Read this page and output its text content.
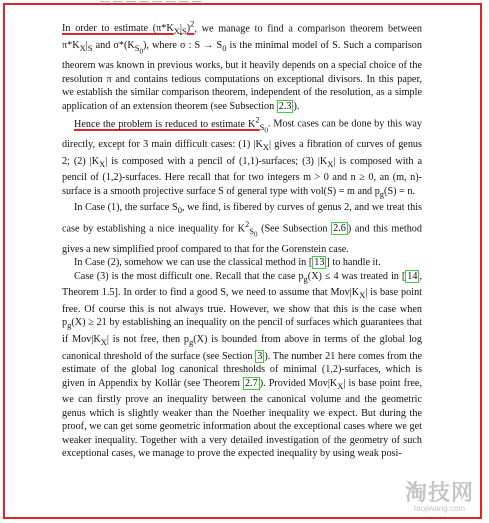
— — — — — — — —

In order to estimate $(\pi*K_X|_S)^2$, we manage to find a comparison theorem between $\pi*K_X|_S$ and $\sigma*(K_{S_0})$, where σ : $S \to S_0$ is the minimal model of S. Such a comparison theorem was known in previous works, but it heavily depends on a special choice of the resolution π and contains tedious computations on exceptional divisors. In this paper, we establish the similar comparison theorem, independent of the resolution, as a simple application of an extension theorem (see Subsection 2.3 ).

Hence the problem is reduced to estimate $K^2_{S_0}$. Most cases can be done by this way directly, except for 3 main difficult cases: (1) $|K_X|$ gives a fibration of curves of genus 2; (2) $|K_X|$ is composed with a pencil of (1,1)-surfaces; (3) $|K_X|$ is composed with a pencil of (1,2)-surfaces. Here recall that for two integers m > 0 and n ≥ 0, an (m, n)-surface is a smooth projective surface S of general type with vol(S) = m and $p_g(S) = n$.

In Case (1), the surface $S_0$, we find, is fibered by curves of genus 2, and we treat this case by establishing a nice inequality for $K^2_{S_0}$ (See Subsection 2.6 ) and this method gives a new simplified proof compared to that for the Gorenstein case.

In Case (2), somehow we can use the classical method in [ 13 ] to handle it.

Case (3) is the most difficult one. Recall that the case $p_g(X) \le 4$ was treated in [ 14 , Theorem 1.5]. In order to find a good S, we need to assume that $Mov|K_X|$ is base point free. Of course this is not always true. However, we show that this is the case when $p_g(X) \ge 21$ by establishing an inequality on the pencil of surfaces which guarantees that if $Mov|K_X|$ is not free, then $p_g(X)$ is bounded from above in terms of the global log canonical threshold of the surface (see Section 3 ). The number 21 here comes from the estimate of the global log canonical thresholds of minimal (1,2)-surfaces, which is given in Appendix by Kollár (see Theorem 2.7 ). Provided $Mov|K_X|$ is base point free, we can firstly prove an inequality between the canonical volume and the geometric genus which is slightly weaker than the Noether inequality we expect. But during the proof, we can get some geometric information about the exceptional cases where we get weaker inequality. Together with a very detailed investigation of the geometry of such exceptional cases, we manage to prove the expected inequality by using weak posi-

淘技网
taojiwang.com
